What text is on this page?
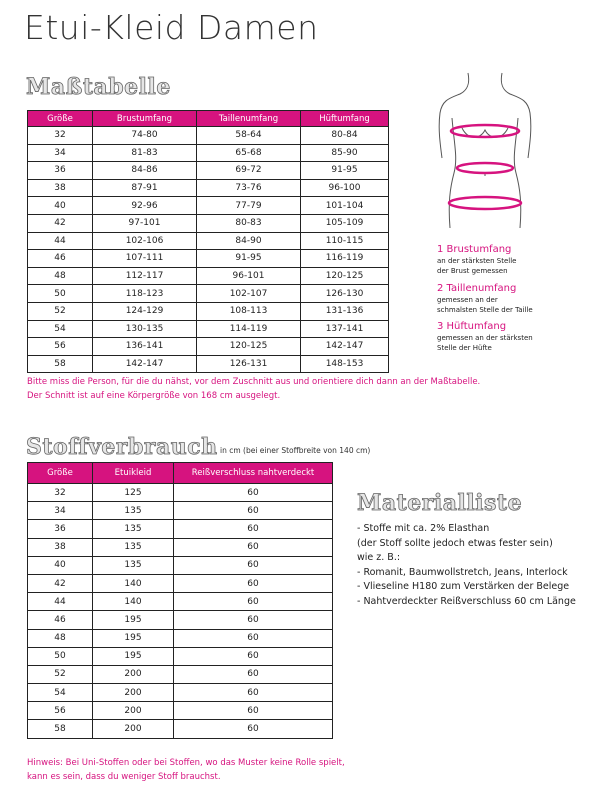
Etui-Kleid Damen
Maßtabelle
Größe	Brustumfang	Taillenumfang	Hüftumfang
32	74-80	58-64	80-84
34	81-83	65-68	85-90
36	84-86	69-72	91-95
38	87-91	73-76	96-100
40	92-96	77-79	101-104
42	97-101	80-83	105-109
44	102-106	84-90	110-115
46	107-111	91-95	116-119
48	112-117	96-101	120-125
50	118-123	102-107	126-130
52	124-129	108-113	131-136
54	130-135	114-119	137-141
56	136-141	120-125	142-147
58	142-147	126-131	148-153
1 Brustumfang
an der stärksten Stelle
der Brust gemessen
2 Taillenumfang
gemessen an der
schmalsten Stelle der Taille
3 Hüftumfang
gemessen an der stärksten
Stelle der Hüfte
Bitte miss die Person, für die du nähst, vor dem Zuschnitt aus und orientiere dich dann an der Maßtabelle.
Der Schnitt ist auf eine Körpergröße von 168 cm ausgelegt.
Stoffverbrauch in cm (bei einer Stoffbreite von 140 cm)
Größe	Etuikleid	Reißverschluss nahtverdeckt
32	125	60
34	135	60
36	135	60
38	135	60
40	135	60
42	140	60
44	140	60
46	195	60
48	195	60
50	195	60
52	200	60
54	200	60
56	200	60
58	200	60
Materialliste
- Stoffe mit ca. 2% Elasthan
(der Stoff sollte jedoch etwas fester sein)
wie z. B.:
- Romanit, Baumwollstretch, Jeans, Interlock
- Vlieseline H180 zum Verstärken der Belege
- Nahtverdeckter Reißverschluss 60 cm Länge
Hinweis: Bei Uni-Stoffen oder bei Stoffen, wo das Muster keine Rolle spielt,
kann es sein, dass du weniger Stoff brauchst.
